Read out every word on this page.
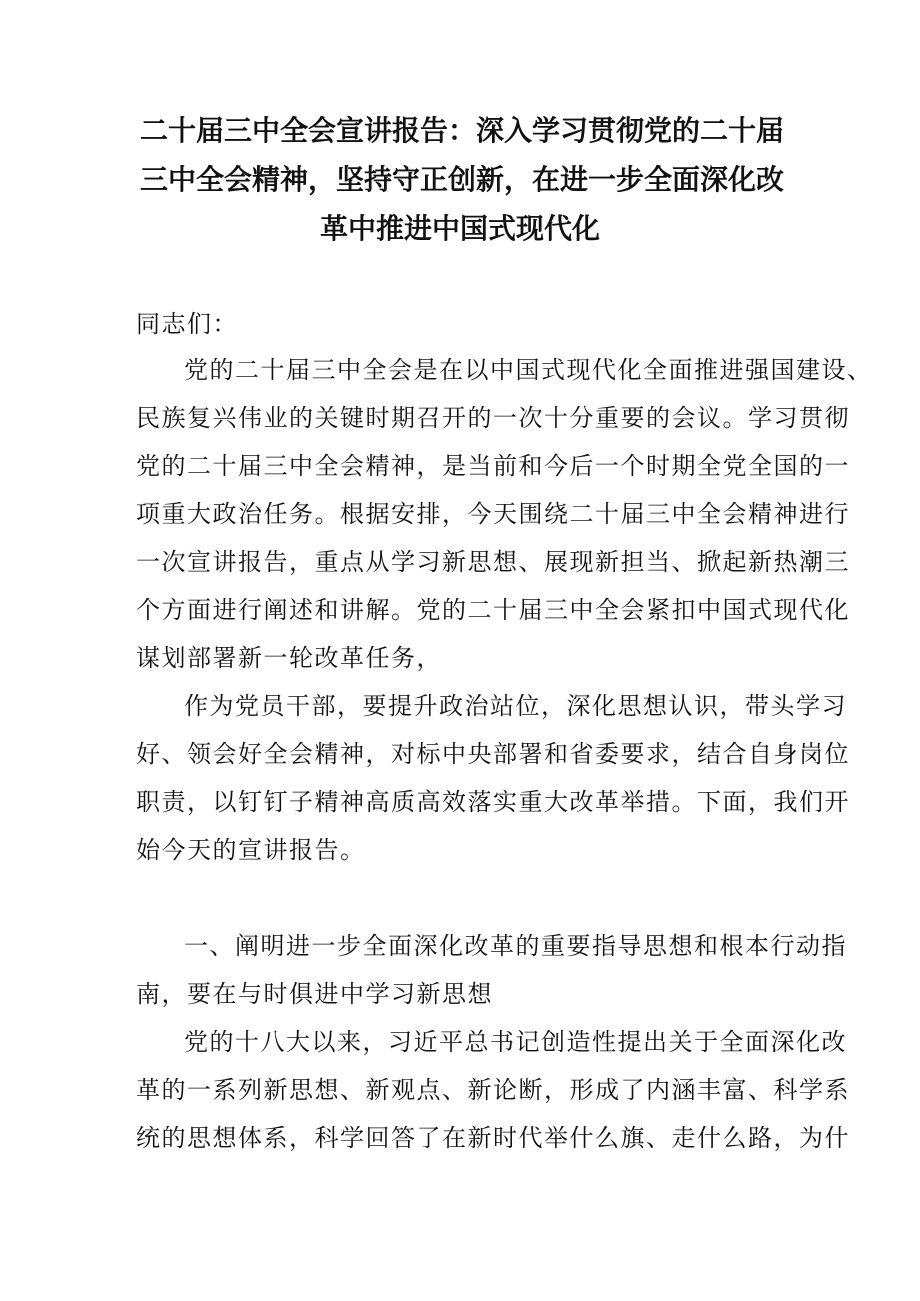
二十届三中全会宣讲报告：深入学习贯彻党的二十届
三中全会精神，坚持守正创新，在进一步全面深化改
革中推进中国式现代化
同志们：
党的二十届三中全会是在以中国式现代化全面推进强国建设、
民族复兴伟业的关键时期召开的一次十分重要的会议。学习贯彻
党的二十届三中全会精神，是当前和今后一个时期全党全国的一
项重大政治任务。根据安排，今天围绕二十届三中全会精神进行
一次宣讲报告，重点从学习新思想、展现新担当、掀起新热潮三
个方面进行阐述和讲解。党的二十届三中全会紧扣中国式现代化
谋划部署新一轮改革任务，
作为党员干部，要提升政治站位，深化思想认识，带头学习
好、领会好全会精神，对标中央部署和省委要求，结合自身岗位
职责，以钉钉子精神高质高效落实重大改革举措。下面，我们开
始今天的宣讲报告。
一、阐明进一步全面深化改革的重要指导思想和根本行动指
南，要在与时俱进中学习新思想
党的十八大以来，习近平总书记创造性提出关于全面深化改
革的一系列新思想、新观点、新论断，形成了内涵丰富、科学系
统的思想体系，科学回答了在新时代举什么旗、走什么路，为什
